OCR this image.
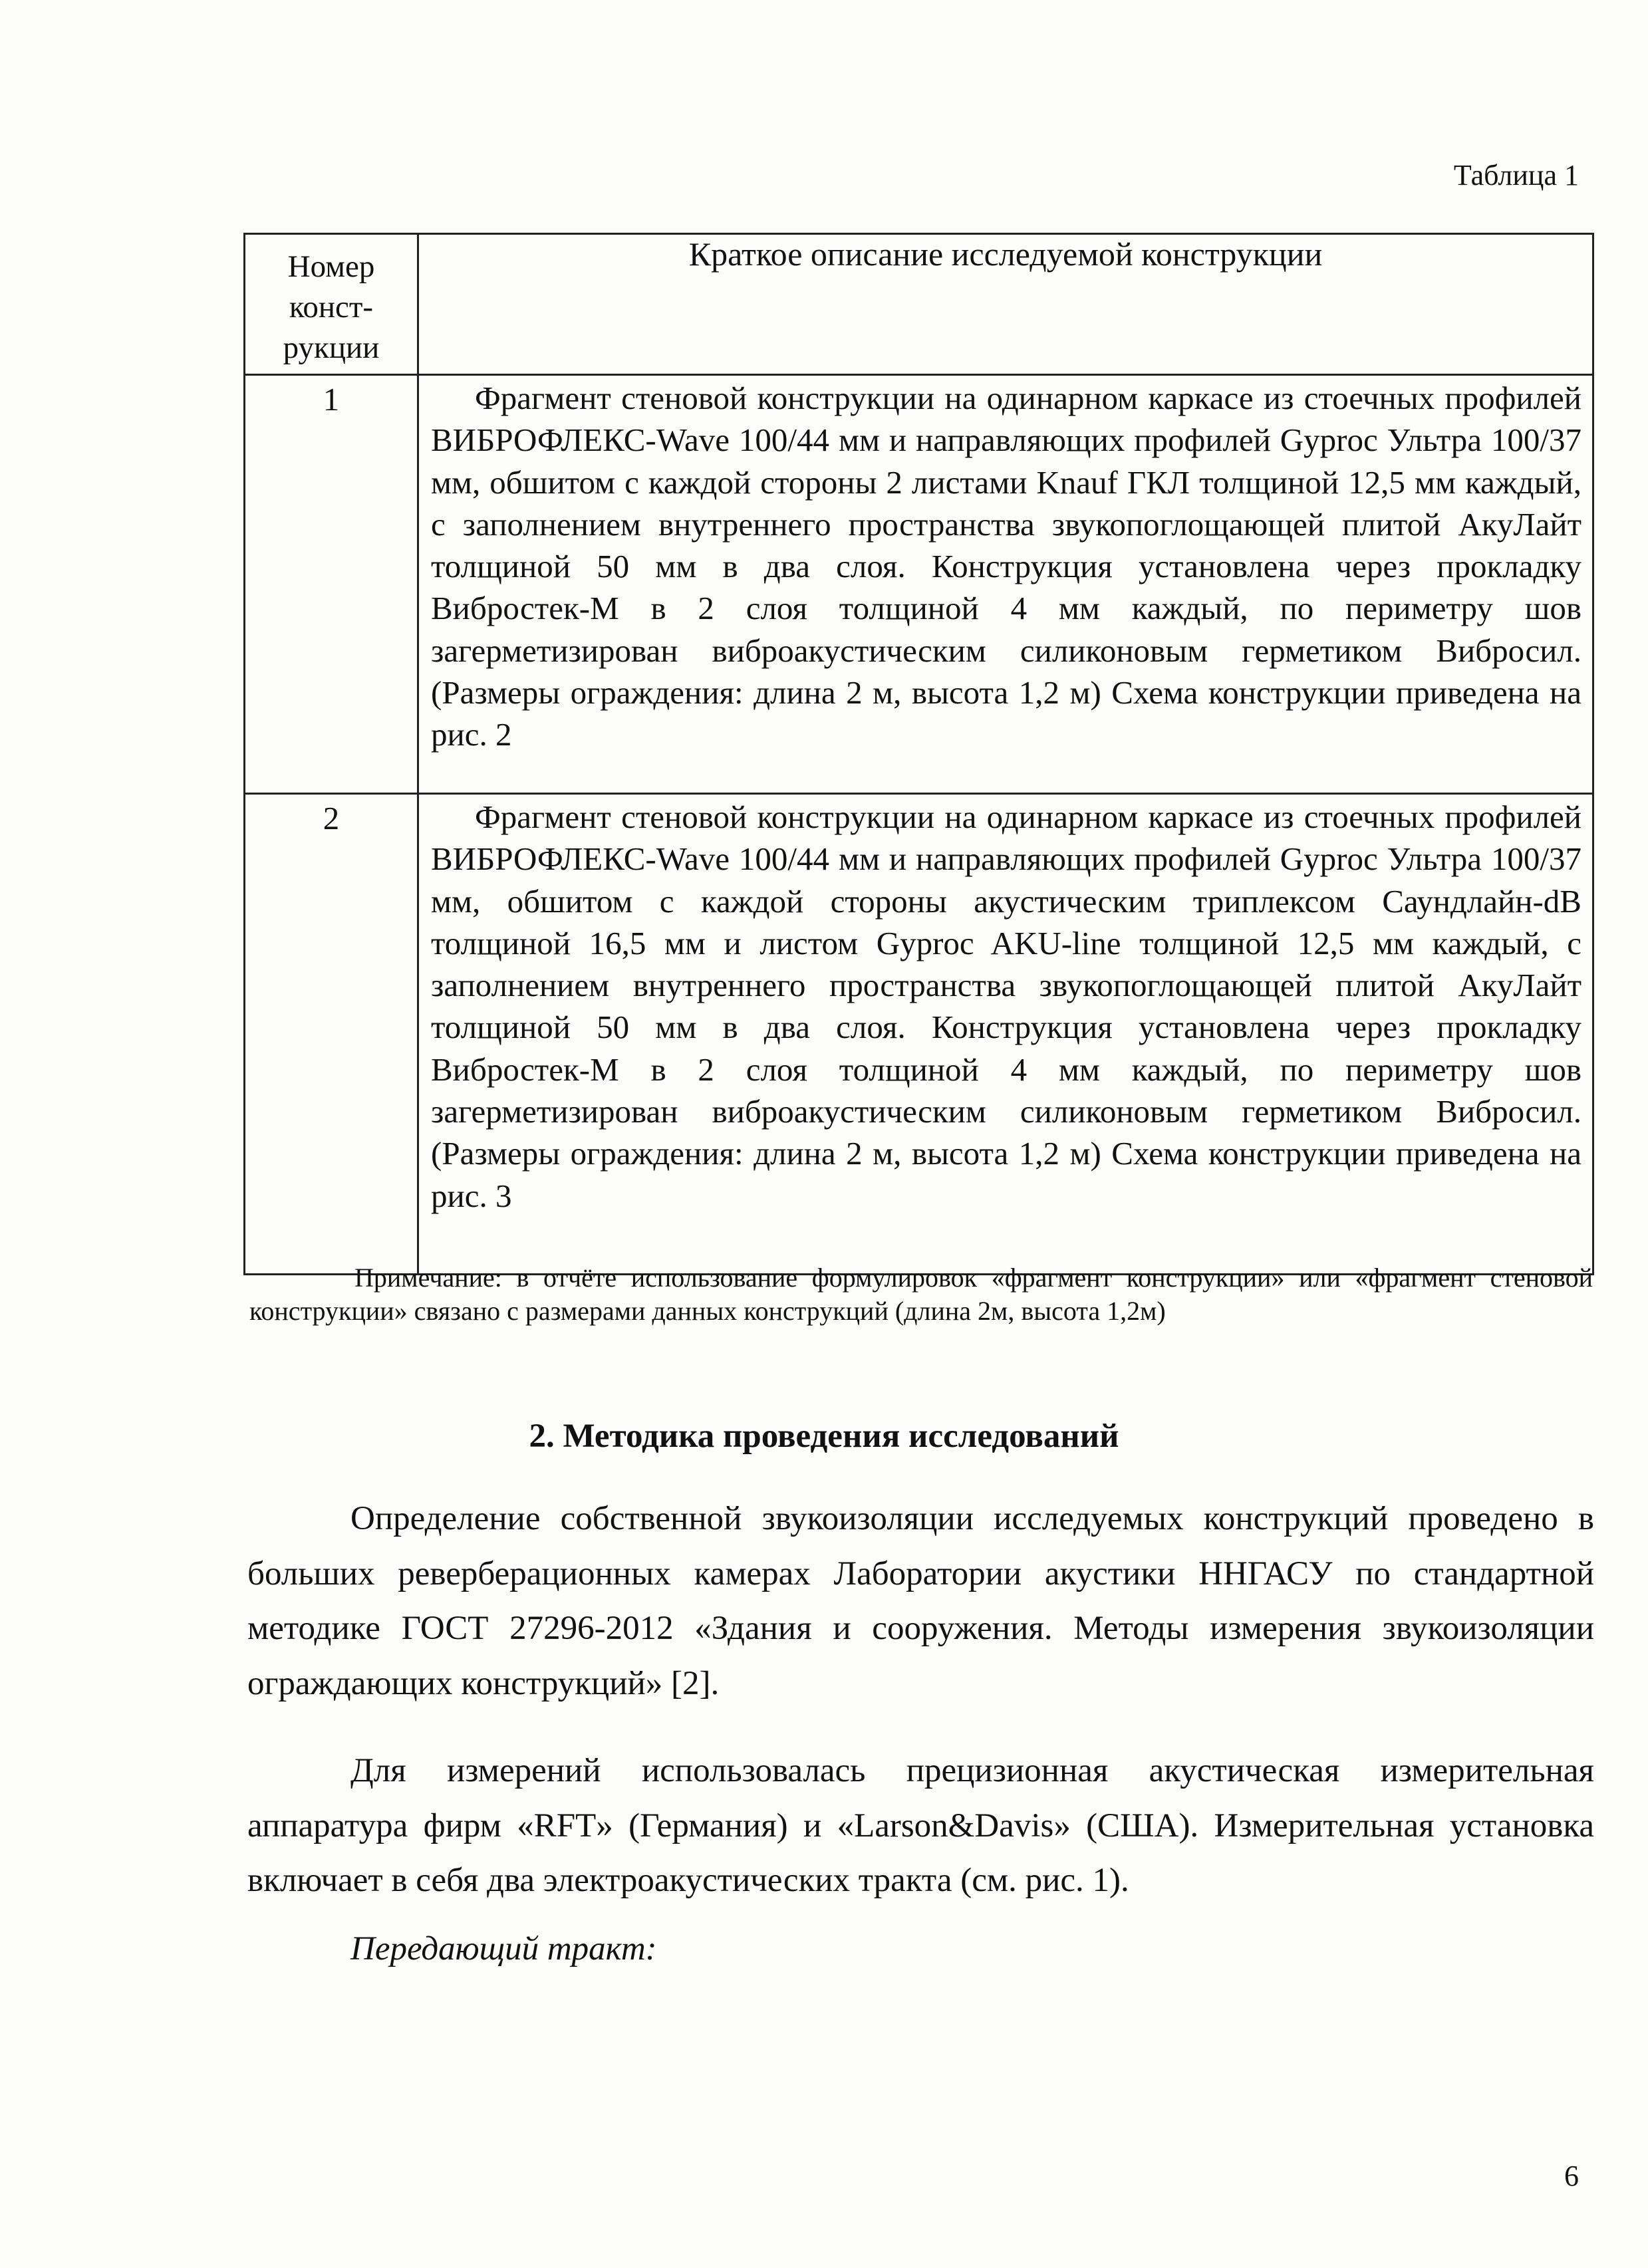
Таблица 1
Номер
конст-
рукции	Краткое описание исследуемой конструкции
1	Фрагмент стеновой конструкции на одинарном каркасе из стоечных профилей ВИБРОФЛЕКС-Wave 100/44 мм и направляющих профилей Gyproc Ультра 100/37 мм, обшитом с каждой стороны 2 листами Knauf ГКЛ толщиной 12,5 мм каждый, с заполнением внутреннего пространства звукопоглощающей плитой АкуЛайт толщиной 50 мм в два слоя. Конструкция установлена через прокладку Вибростек-М в 2 слоя толщиной 4 мм каждый, по периметру шов загерметизирован виброакустическим силиконовым герметиком Вибросил. (Размеры ограждения: длина 2 м, высота 1,2 м) Схема конструкции приведена на рис. 2

2	Фрагмент стеновой конструкции на одинарном каркасе из стоечных профилей ВИБРОФЛЕКС-Wave 100/44 мм и направляющих профилей Gyproc Ультра 100/37 мм, обшитом с каждой стороны акустическим триплексом Саундлайн-dB толщиной 16,5 мм и листом Gyproc AKU-line толщиной 12,5 мм каждый, с заполнением внутреннего пространства звукопоглощающей плитой АкуЛайт толщиной 50 мм в два слоя. Конструкция установлена через прокладку Вибростек-М в 2 слоя толщиной 4 мм каждый, по периметру шов загерметизирован виброакустическим силиконовым герметиком Вибросил. (Размеры ограждения: длина 2 м, высота 1,2 м) Схема конструкции приведена на рис. 3

Примечание: в отчёте использование формулировок «фрагмент конструкции» или «фрагмент стеновой конструкции» связано с размерами данных конструкций (длина 2м, высота 1,2м)
2. Методика проведения исследований

Определение собственной звукоизоляции исследуемых конструкций проведено в больших реверберационных камерах Лаборатории акустики ННГАСУ по стандартной методике ГОСТ 27296-2012 «Здания и сооружения. Методы измерения звукоизоляции ограждающих конструкций» [2].

Для измерений использовалась прецизионная акустическая измерительная аппаратура фирм «RFT» (Германия) и «Larson&Davis» (США). Измерительная установка включает в себя два электроакустических тракта (см. рис. 1).

Передающий тракт:

6
